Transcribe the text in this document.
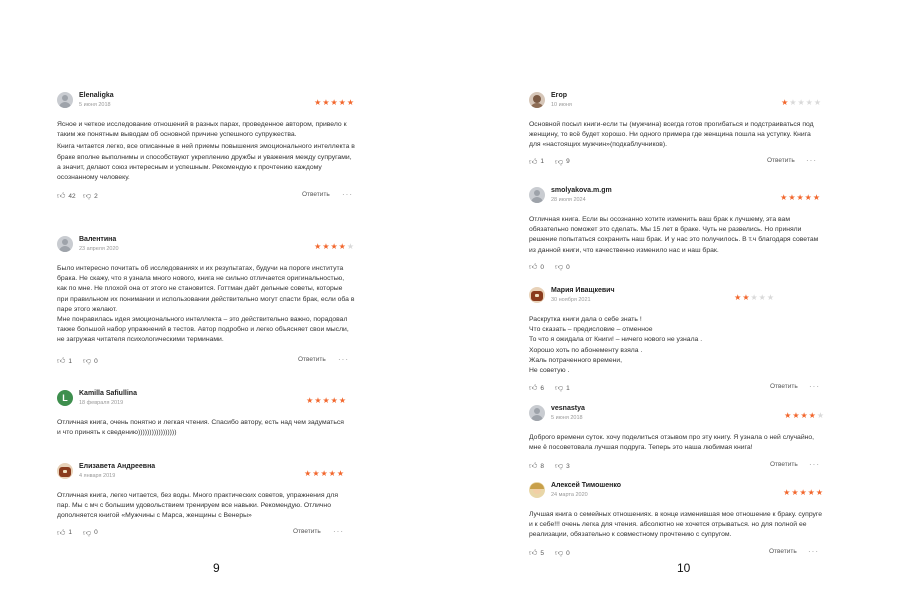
Elenaligka
5 июня 2018	★★★★★

Ясное и четкое исследование отношений в разных парах, проведенное автором, привело к таким же понятным выводам об основной причине успешного супружества.

Книга читается легко, все описанные в ней приемы повышения эмоционального интеллекта в браке вполне выполнимы и способствуют укреплению дружбы и уважения между супругами, а значит, делают союз интересным и успешным. Рекомендую к прочтению каждому осознанному человеку.

👍︎ 42 👎︎ 2	Ответить ···
Валентина
23 апреля 2020	★★★★★

Было интересно почитать об исследованиях и их результатах, будучи на пороге института брака. Не скажу, что я узнала много нового, книга не сильно отличается оригинальностью, как по мне. Не плохой она от этого не становится. Готтман даёт дельные советы, которые при правильном их понимании и использовании действительно могут спасти брак, если оба в паре этого желают.

Мне понравилась идея эмоционального интеллекта – это действительно важно, порадовал также большой набор упражнений в тестов. Автор подробно и легко объясняет свои мысли, не загружая читателя психологическими терминами.

👍︎ 1 👎︎ 0	Ответить ···
L	Kamilla Safiullina
18 февраля 2019	★★★★★

Отличная книга, очень понятно и легкая чтения. Спасибо автору, есть над чем задуматься и что принять к сведению)))))))))))))))))

Елизавета Андреевна
4 января 2019	★★★★★

Отличная книга, легко читается, без воды. Много практических советов, упражнения для пар. Мы с мч с большим удовольствием тренируем все навыки. Рекомендую. Отлично дополняется книгой «Мужчины с Марса, женщины с Венеры»

👍︎ 1 👎︎ 0	Ответить ···
9
Егор
10 июня	★★★★★

Основной посыл книги-если ты (мужчина) всегда готов прогибаться и подстраиваться под женщину, то всё будет хорошо. Ни одного примера где женщина пошла на уступку. Книга для «настоящих мужчин»(подкаблучников).

👍︎ 1 👎︎ 9	Ответить ···
smolyakova.m.gm
28 июля 2024	★★★★★

Отличная книга. Если вы осознанно хотите изменить ваш брак к лучшему, эта вам обязательно поможет это сделать. Мы 15 лет в браке. Чуть не развелись. Но приняли решение попытаться сохранить наш брак. И у нас это получилось. В т.ч благодаря советам из данной книги, что качественно изменило нас и наш брак.

👍︎ 0 👎︎ 0
Мария Иващкевич
30 ноября 2021	★★★★★

Раскрутка книги дала о себе знать !

Что сказать – предисловие – отменное

То что я ожидала от Книги! – ничего нового не узнала .

Хорошо хоть по абонементу взяла .

Жаль потраченного времени,

Не советую .

👍︎ 6 👎︎ 1	Ответить ···
vesnastya
5 июня 2018	★★★★★

Доброго времени суток. хочу поделиться отзывом про эту книгу. Я узнала о ней случайно, мне ё посоветовала лучшая подруга. Теперь это наша любимая книга!

👍︎ 8 👎︎ 3	Ответить ···
Алексей Тимошенко
24 марта 2020	★★★★★

Лучшая книга о семейных отношениях. в конце изменившая мое отношение к браку. супруге и к себе!!! очень легка для чтения. абсолютно не хочется отрываться. но для полной ее реализации, обязательно к совместному прочтению с супругом.

👍︎ 5 👎︎ 0	Ответить ···
10
